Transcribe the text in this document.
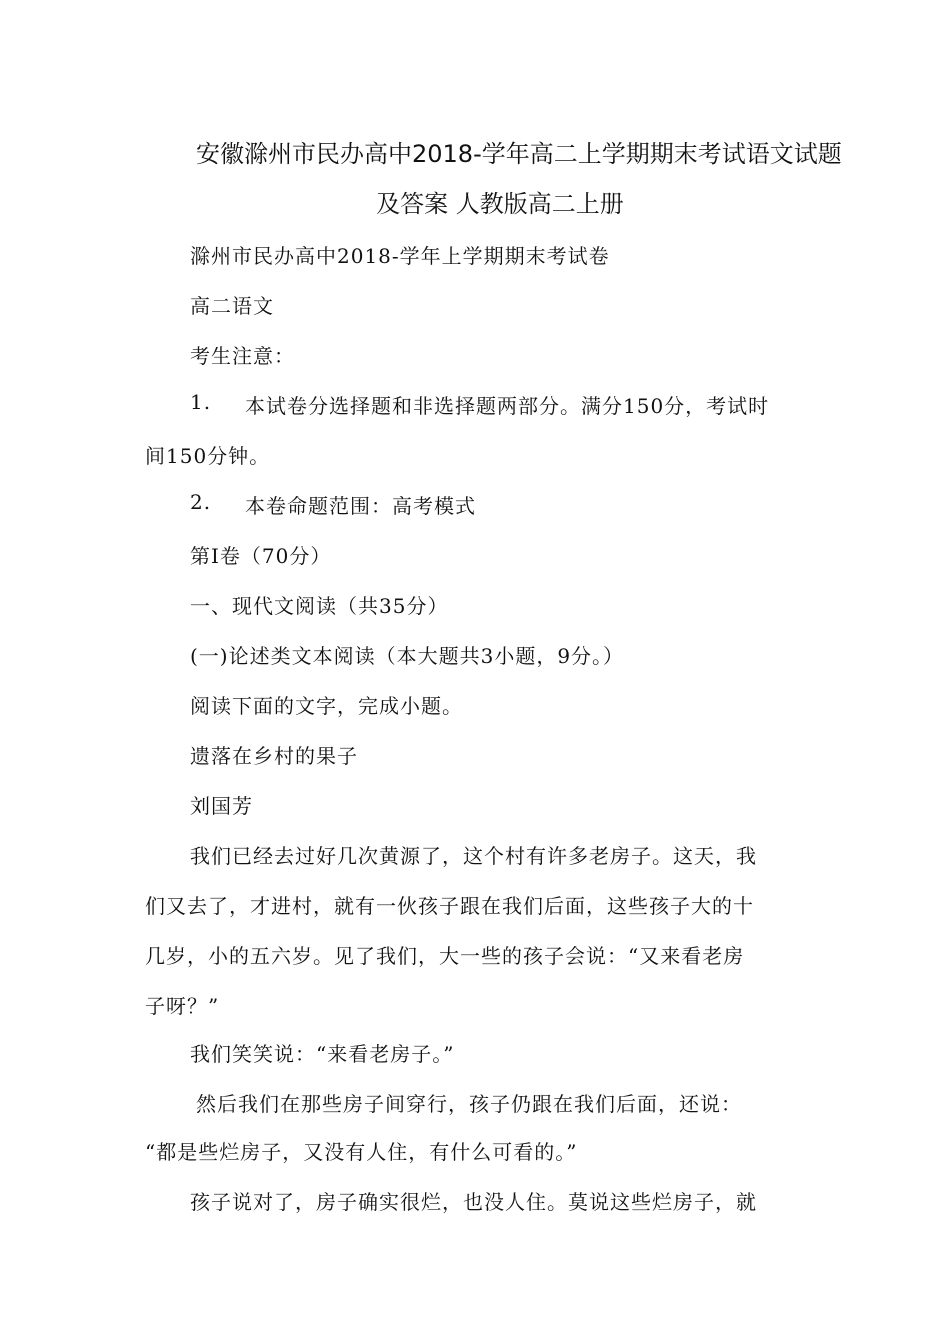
安徽滁州市民办高中2018-学年高二上学期期末考试语文试题
及答案 人教版高二上册
滁州市民办高中2018-学年上学期期末考试卷
高二语文
考生注意：
1. 本试卷分选择题和非选择题两部分。满分150分，考试时
间150分钟。
2. 本卷命题范围：高考模式
第Ⅰ卷（70分）
一、现代文阅读（共35分）
(一)论述类文本阅读（本大题共3小题，9分。）
阅读下面的文字，完成小题。
遗落在乡村的果子
刘国芳
我们已经去过好几次黄源了，这个村有许多老房子。这天，我
们又去了，才进村，就有一伙孩子跟在我们后面，这些孩子大的十
几岁，小的五六岁。见了我们，大一些的孩子会说：“又来看老房
子呀？”
我们笑笑说：“来看老房子。”
然后我们在那些房子间穿行，孩子仍跟在我们后面，还说：
“都是些烂房子，又没有人住，有什么可看的。”
孩子说对了，房子确实很烂，也没人住。莫说这些烂房子，就
